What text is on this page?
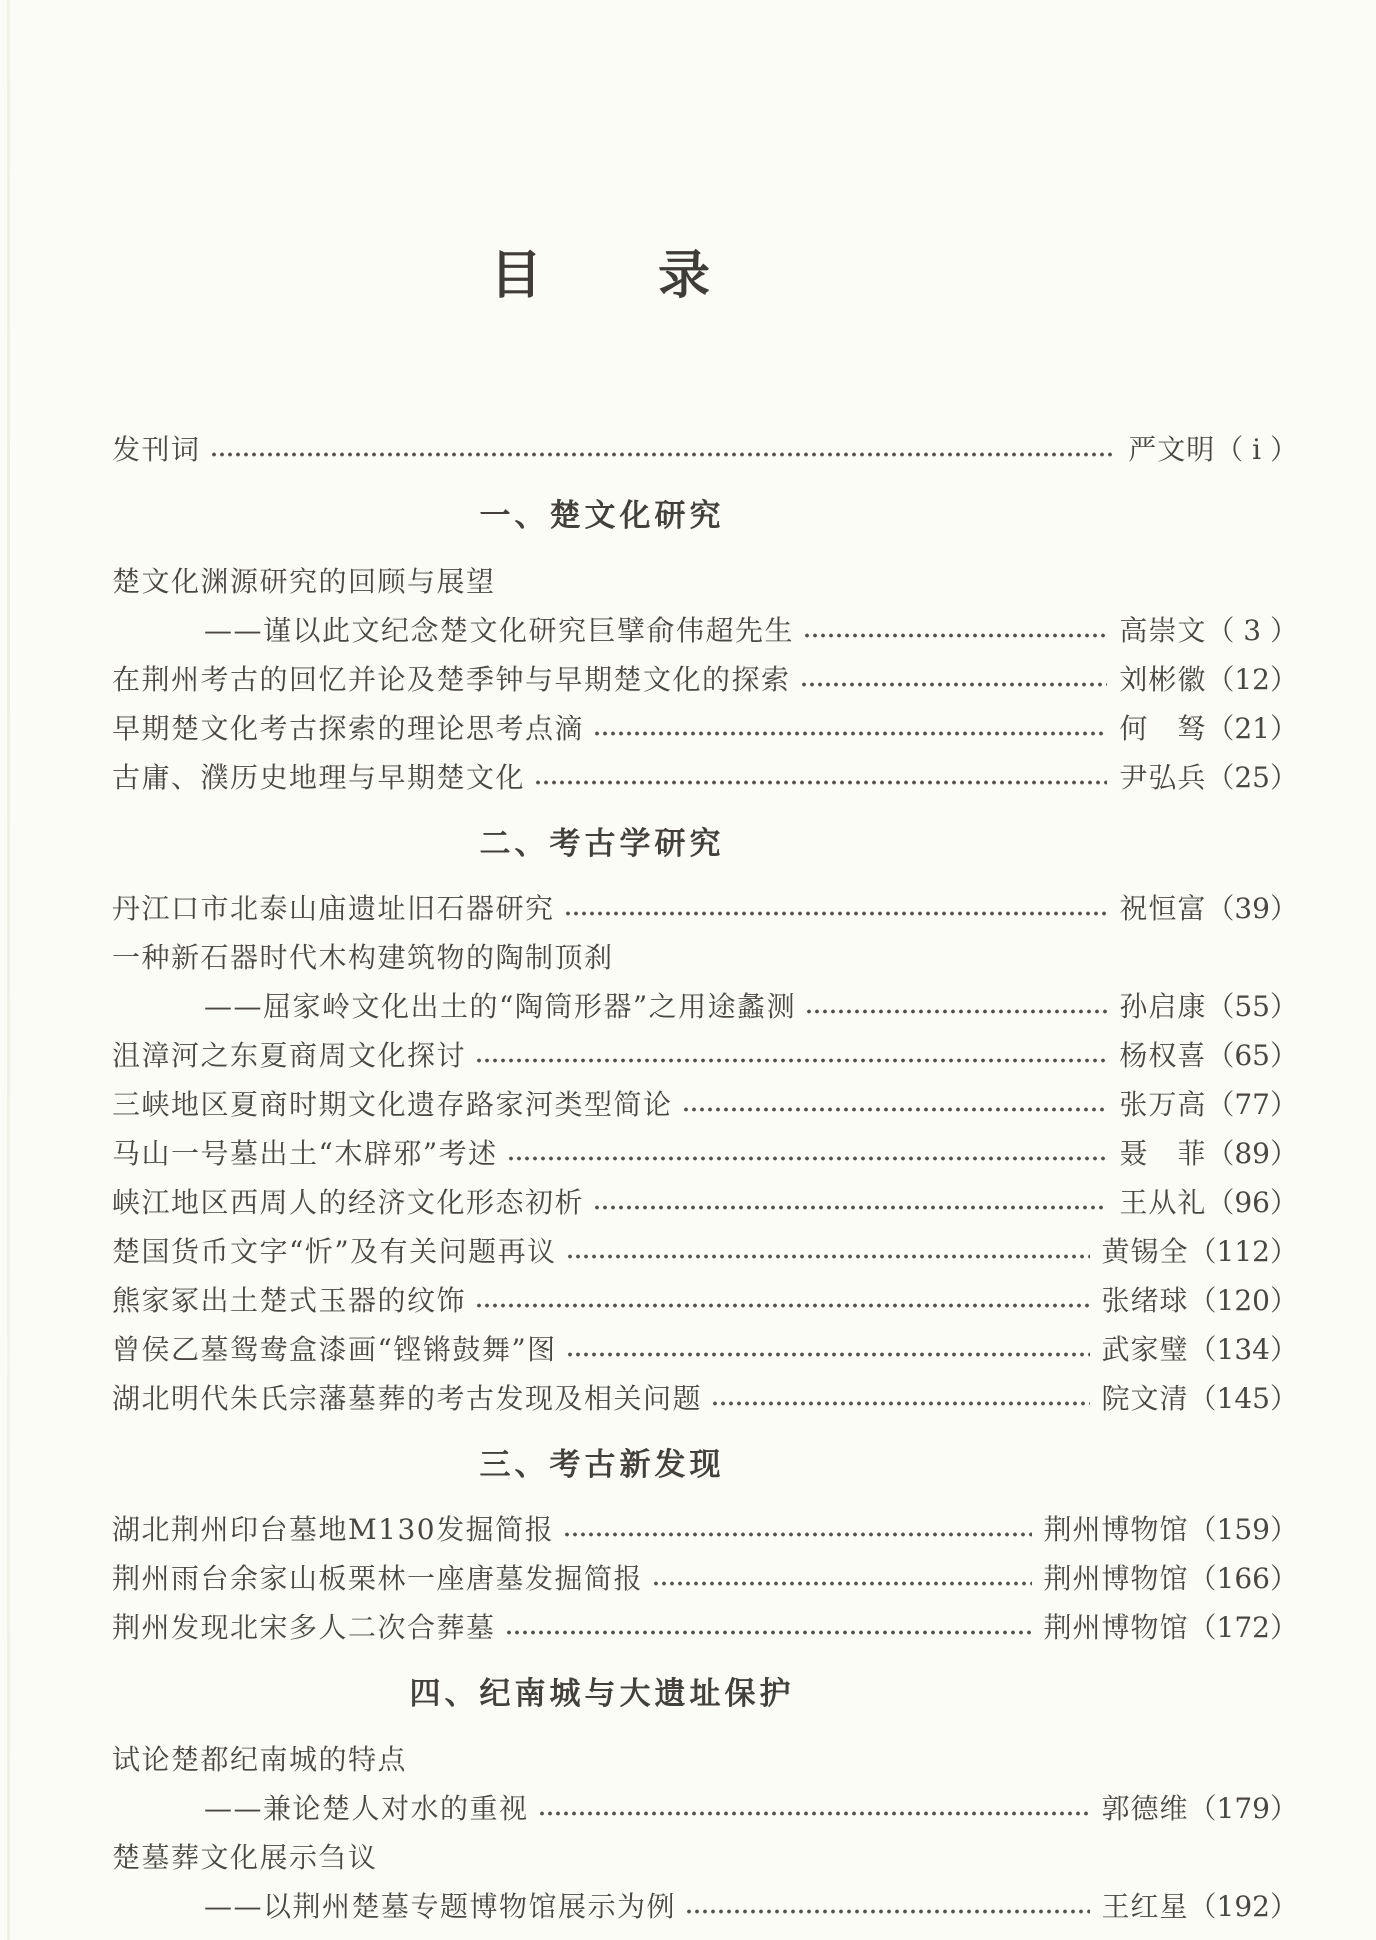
目　　录
发刊词	严文明 （ i ）
一、楚文化研究
楚文化渊源研究的回顾与展望
——谨以此文纪念楚文化研究巨擘俞伟超先生	高崇文 （ 3 ）
在荆州考古的回忆并论及楚季钟与早期楚文化的探索	刘彬徽 （12）
早期楚文化考古探索的理论思考点滴	何　驽 （21）
古庸、濮历史地理与早期楚文化	尹弘兵 （25）
二、考古学研究
丹江口市北泰山庙遗址旧石器研究	祝恒富 （39）
一种新石器时代木构建筑物的陶制顶刹
——屈家岭文化出土的“陶筒形器”之用途蠡测	孙启康 （55）
沮漳河之东夏商周文化探讨	杨权喜 （65）
三峡地区夏商时期文化遗存路家河类型简论	张万高 （77）
马山一号墓出土“木辟邪”考述	聂　菲 （89）
峡江地区西周人的经济文化形态初析	王从礼 （96）
楚国货币文字“忻”及有关问题再议	黄锡全 （112）
熊家冢出土楚式玉器的纹饰	张绪球 （120）
曾侯乙墓鸳鸯盒漆画“铿锵鼓舞”图	武家璧 （134）
湖北明代朱氏宗藩墓葬的考古发现及相关问题	院文清 （145）
三、考古新发现
湖北荆州印台墓地M130发掘简报	荆州博物馆 （159）
荆州雨台余家山板栗林一座唐墓发掘简报	荆州博物馆 （166）
荆州发现北宋多人二次合葬墓	荆州博物馆 （172）
四、纪南城与大遗址保护
试论楚都纪南城的特点
——兼论楚人对水的重视	郭德维 （179）
楚墓葬文化展示刍议
——以荆州楚墓专题博物馆展示为例	王红星 （192）
